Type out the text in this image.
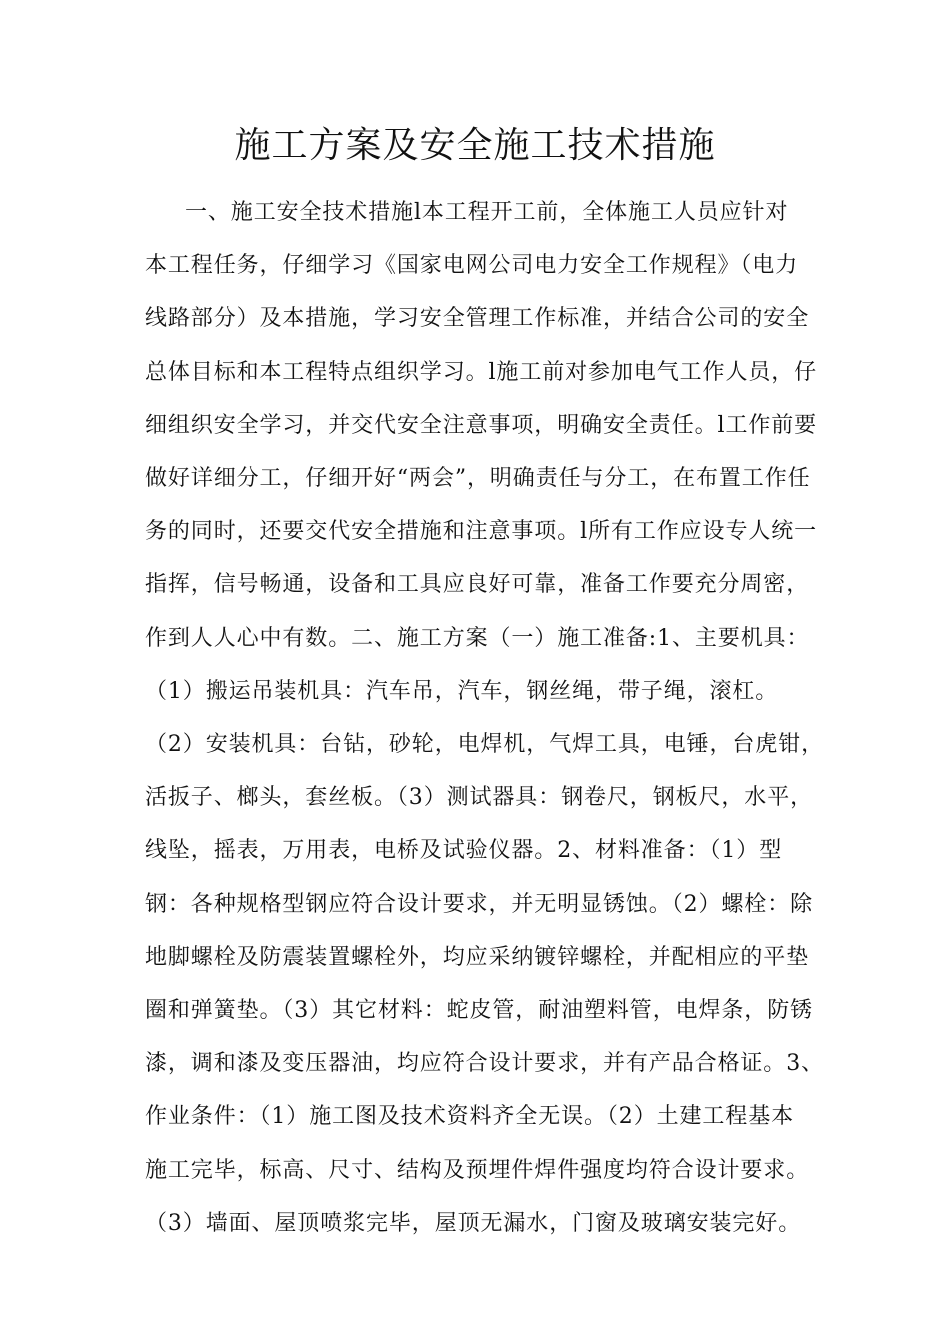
施工方案及安全施工技术措施
一、施工安全技术措施l本工程开工前，全体施工人员应针对
本工程任务，仔细学习《国家电网公司电力安全工作规程》（电力
线路部分）及本措施，学习安全管理工作标准，并结合公司的安全
总体目标和本工程特点组织学习。l施工前对参加电气工作人员，仔
细组织安全学习，并交代安全注意事项，明确安全责任。l工作前要
做好详细分工，仔细开好“两会”，明确责任与分工，在布置工作任
务的同时，还要交代安全措施和注意事项。l所有工作应设专人统一
指挥，信号畅通，设备和工具应良好可靠，准备工作要充分周密，
作到人人心中有数。二、施工方案（一）施工准备:1、主要机具：
（1）搬运吊装机具：汽车吊，汽车，钢丝绳，带子绳，滚杠。
（2）安装机具：台钻，砂轮，电焊机，气焊工具，电锤，台虎钳，
活扳子、榔头，套丝板。（3）测试器具：钢卷尺，钢板尺，水平，
线坠，摇表，万用表，电桥及试验仪器。2、材料准备：（1）型
钢：各种规格型钢应符合设计要求，并无明显锈蚀。（2）螺栓：除
地脚螺栓及防震装置螺栓外，均应采纳镀锌螺栓，并配相应的平垫
圈和弹簧垫。（3）其它材料：蛇皮管，耐油塑料管，电焊条，防锈
漆，调和漆及变压器油，均应符合设计要求，并有产品合格证。3、
作业条件：（1）施工图及技术资料齐全无误。（2）土建工程基本
施工完毕，标高、尺寸、结构及预埋件焊件强度均符合设计要求。
（3）墙面、屋顶喷浆完毕，屋顶无漏水，门窗及玻璃安装完好。
